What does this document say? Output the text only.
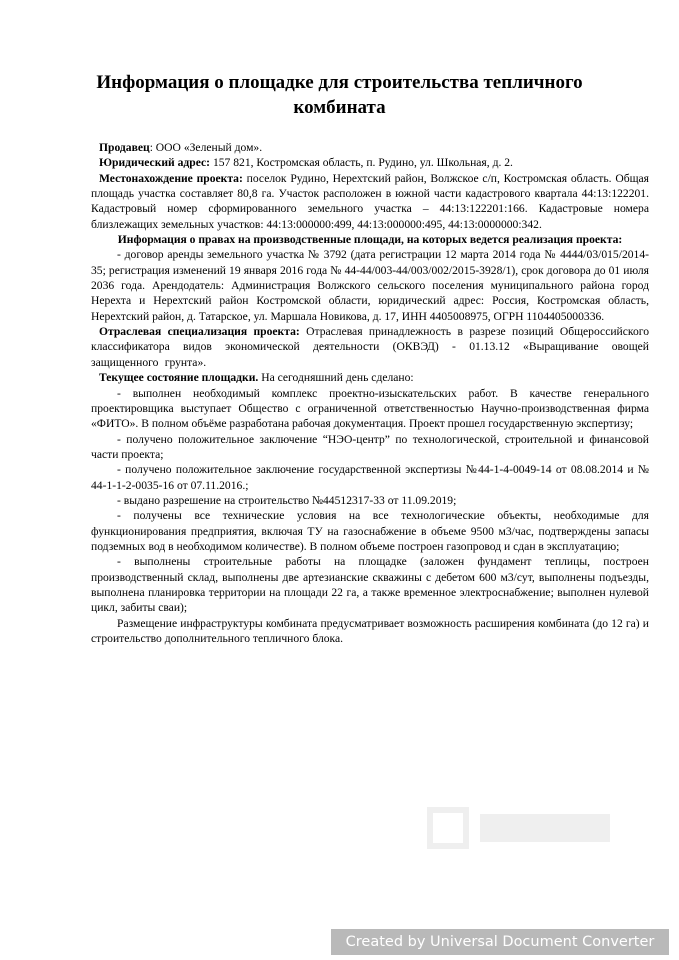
Информация о площадке для строительства тепличного комбината

Продавец: ООО «Зеленый дом».

Юридический адрес: 157 821, Костромская область, п. Рудино, ул. Школьная, д. 2.

Местонахождение проекта: поселок Рудино, Нерехтский район, Волжское с/п, Костромская область. Общая площадь участка составляет 80,8 га. Участок расположен в южной части кадастрового квартала 44:13:122201. Кадастровый номер сформированного земельного участка – 44:13:122201:166. Кадастровые номера близлежащих земельных участков: 44:13:000000:499, 44:13:000000:495, 44:13:0000000:342.

Информация о правах на производственные площади, на которых ведется реализация проекта:

- договор аренды земельного участка № 3792 (дата регистрации 12 марта 2014 года № 4444/03/015/2014-35; регистрация изменений 19 января 2016 года № 44-44/003-44/003/002/2015-3928/1), срок договора до 01 июля 2036 года. Арендодатель: Администрация Волжского сельского поселения муниципального района город Нерехта и Нерехтский район Костромской области, юридический адрес: Россия, Костромская область, Нерехтский район, д. Татарское, ул. Маршала Новикова, д. 17, ИНН 4405008975, ОГРН 1104405000336.

Отраслевая специализация проекта: Отраслевая принадлежность в разрезе позиций Общероссийского классификатора видов экономической деятельности (ОКВЭД) - 01.13.12 «Выращивание овощей защищенного грунта».

Текущее состояние площадки. На сегодняшний день сделано:

- выполнен необходимый комплекс проектно-изыскательских работ. В качестве генерального проектировщика выступает Общество с ограниченной ответственностью Научно-производственная фирма «ФИТО». В полном объёме разработана рабочая документация. Проект прошел государственную экспертизу;

- получено положительное заключение “НЭО-центр” по технологической, строительной и финансовой части проекта;

- получено положительное заключение государственной экспертизы №44-1-4-0049-14 от 08.08.2014 и № 44-1-1-2-0035-16 от 07.11.2016.;

- выдано разрешение на строительство №44512317-33 от 11.09.2019;

- получены все технические условия на все технологические объекты, необходимые для функционирования предприятия, включая ТУ на газоснабжение в объеме 9500 м3/час, подтверждены запасы подземных вод в необходимом количестве). В полном объеме построен газопровод и сдан в эксплуатацию;

- выполнены строительные работы на площадке (заложен фундамент теплицы, построен производственный склад, выполнены две артезианские скважины с дебетом 600 м3/сут, выполнены подъезды, выполнена планировка территории на площади 22 га, а также временное электроснабжение; выполнен нулевой цикл, забиты сваи);

Размещение инфраструктуры комбината предусматривает возможность расширения комбината (до 12 га) и строительство дополнительного тепличного блока.

Created by Universal Document Converter
